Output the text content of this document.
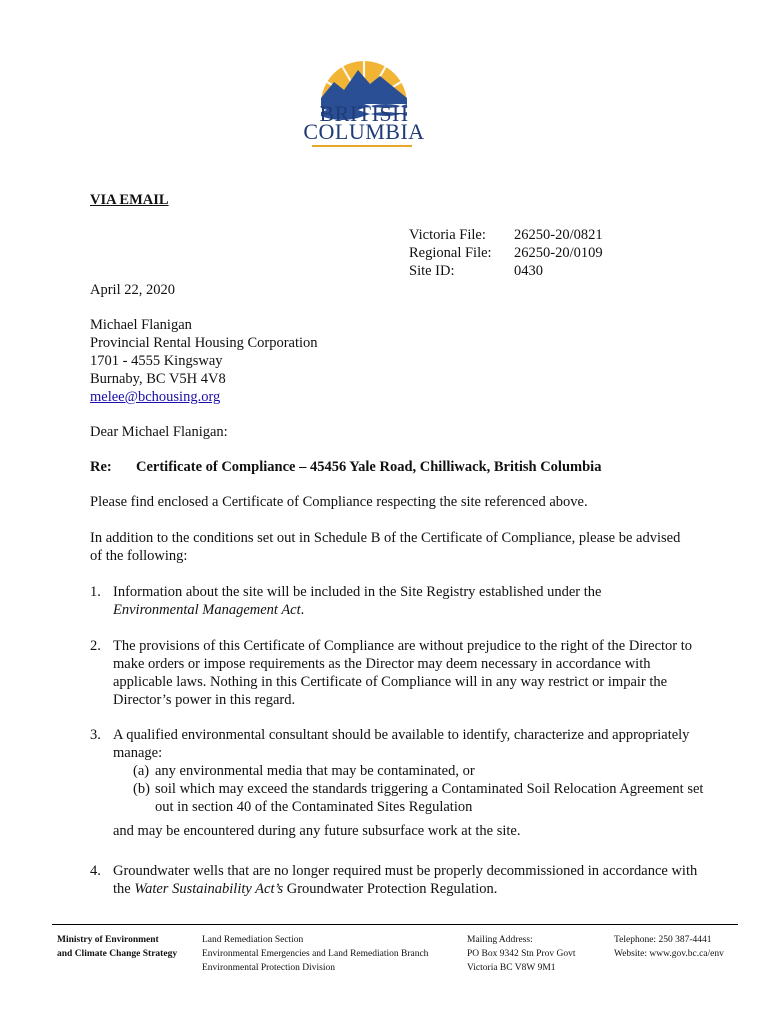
BRITISH
COLUMBIA
VIA EMAIL
Victoria File:	26250-20/0821
Regional File:	26250-20/0109
Site ID:	0430
April 22, 2020
Michael Flanigan
Provincial Rental Housing Corporation
1701 - 4555 Kingsway
Burnaby, BC V5H 4V8
melee@bchousing.org
Dear Michael Flanigan:
Re:	Certificate of Compliance – 45456 Yale Road, Chilliwack, British Columbia
Please find enclosed a Certificate of Compliance respecting the site referenced above.
In addition to the conditions set out in Schedule B of the Certificate of Compliance, please be advised of the following:
1. Information about the site will be included in the Site Registry established under the
Environmental Management Act.
2. The provisions of this Certificate of Compliance are without prejudice to the right of the Director to make orders or impose requirements as the Director may deem necessary in accordance with applicable laws. Nothing in this Certificate of Compliance will in any way restrict or impair the Director’s power in this regard.
3. A qualified environmental consultant should be available to identify, characterize and appropriately manage:
(a) any environmental media that may be contaminated, or
(b) soil which may exceed the standards triggering a Contaminated Soil Relocation Agreement set out in section 40 of the Contaminated Sites Regulation
and may be encountered during any future subsurface work at the site.
4. Groundwater wells that are no longer required must be properly decommissioned in accordance with the Water Sustainability Act’s Groundwater Protection Regulation.
Ministry of Environment
and Climate Change Strategy
Land Remediation Section
Environmental Emergencies and Land Remediation Branch
Environmental Protection Division
Mailing Address:
PO Box 9342 Stn Prov Govt
Victoria BC V8W 9M1
Telephone: 250 387-4441
Website: www.gov.bc.ca/env
